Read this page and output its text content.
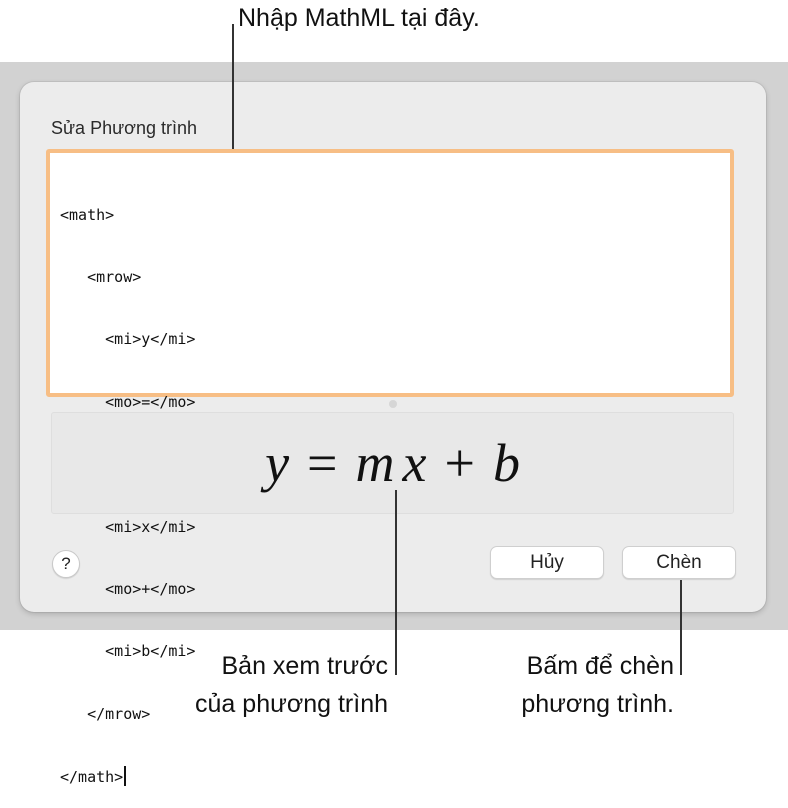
Sửa Phương trình

<math>

<mrow>

<mi>y</mi>

<mo>=</mo>

<mi>x</mi>

<mo>+</mo>

<mi>b</mi>

</mrow>

</math>

y = m x + b
?	Hủy	Chèn
Nhập MathML tại đây.
Bản xem trước
của phương trình
Bấm để chèn
phương trình.
